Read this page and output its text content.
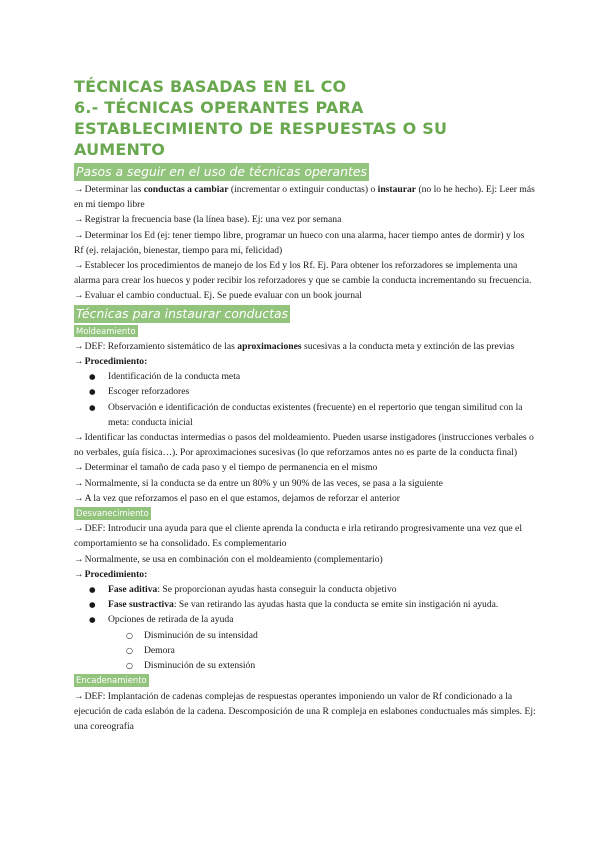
TÉCNICAS BASADAS EN EL CO
6.- TÉCNICAS OPERANTES PARA ESTABLECIMIENTO DE RESPUESTAS O SU AUMENTO
Pasos a seguir en el uso de técnicas operantes

→Determinar las conductas a cambiar (incrementar o extinguir conductas) o instaurar (no lo he hecho). Ej: Leer más en mi tiempo libre

→Registrar la frecuencia base (la línea base). Ej: una vez por semana

→Determinar los Ed (ej: tener tiempo libre, programar un hueco con una alarma, hacer tiempo antes de dormir) y los Rf (ej. relajación, bienestar, tiempo para mí, felicidad)

→Establecer los procedimientos de manejo de los Ed y los Rf. Ej. Para obtener los reforzadores se implementa una alarma para crear los huecos y poder recibir los reforzadores y que se cambie la conducta incrementando su frecuencia.

→Evaluar el cambio conductual. Ej. Se puede evaluar con un book journal

Técnicas para instaurar conductas
Moldeamiento

→DEF: Reforzamiento sistemático de las aproximaciones sucesivas a la conducta meta y extinción de las previas

→Procedimiento:

● Identificación de la conducta meta
● Escoger reforzadores
● Observación e identificación de conductas existentes (frecuente) en el repertorio que tengan similitud con la meta: conducta inicial

→Identificar las conductas intermedias o pasos del moldeamiento. Pueden usarse instigadores (instrucciones verbales o no verbales, guía física…). Por aproximaciones sucesivas (lo que reforzamos antes no es parte de la conducta final)

→Determinar el tamaño de cada paso y el tiempo de permanencia en el mismo

→Normalmente, si la conducta se da entre un 80% y un 90% de las veces, se pasa a la siguiente

→A la vez que reforzamos el paso en el que estamos, dejamos de reforzar el anterior

Desvanecimiento

→DEF: Introducir una ayuda para que el cliente aprenda la conducta e irla retirando progresivamente una vez que el comportamiento se ha consolidado. Es complementario

→Normalmente, se usa en combinación con el moldeamiento (complementario)

→Procedimiento:

● Fase aditiva: Se proporcionan ayudas hasta conseguir la conducta objetivo
● Fase sustractiva: Se van retirando las ayudas hasta que la conducta se emite sin instigación ni ayuda.
● Opciones de retirada de la ayuda
○ Disminución de su intensidad
○ Demora
○ Disminución de su extensión
Encadenamiento

→DEF: Implantación de cadenas complejas de respuestas operantes imponiendo un valor de Rf condicionado a la ejecución de cada eslabón de la cadena. Descomposición de una R compleja en eslabones conductuales más simples. Ej: una coreografía
